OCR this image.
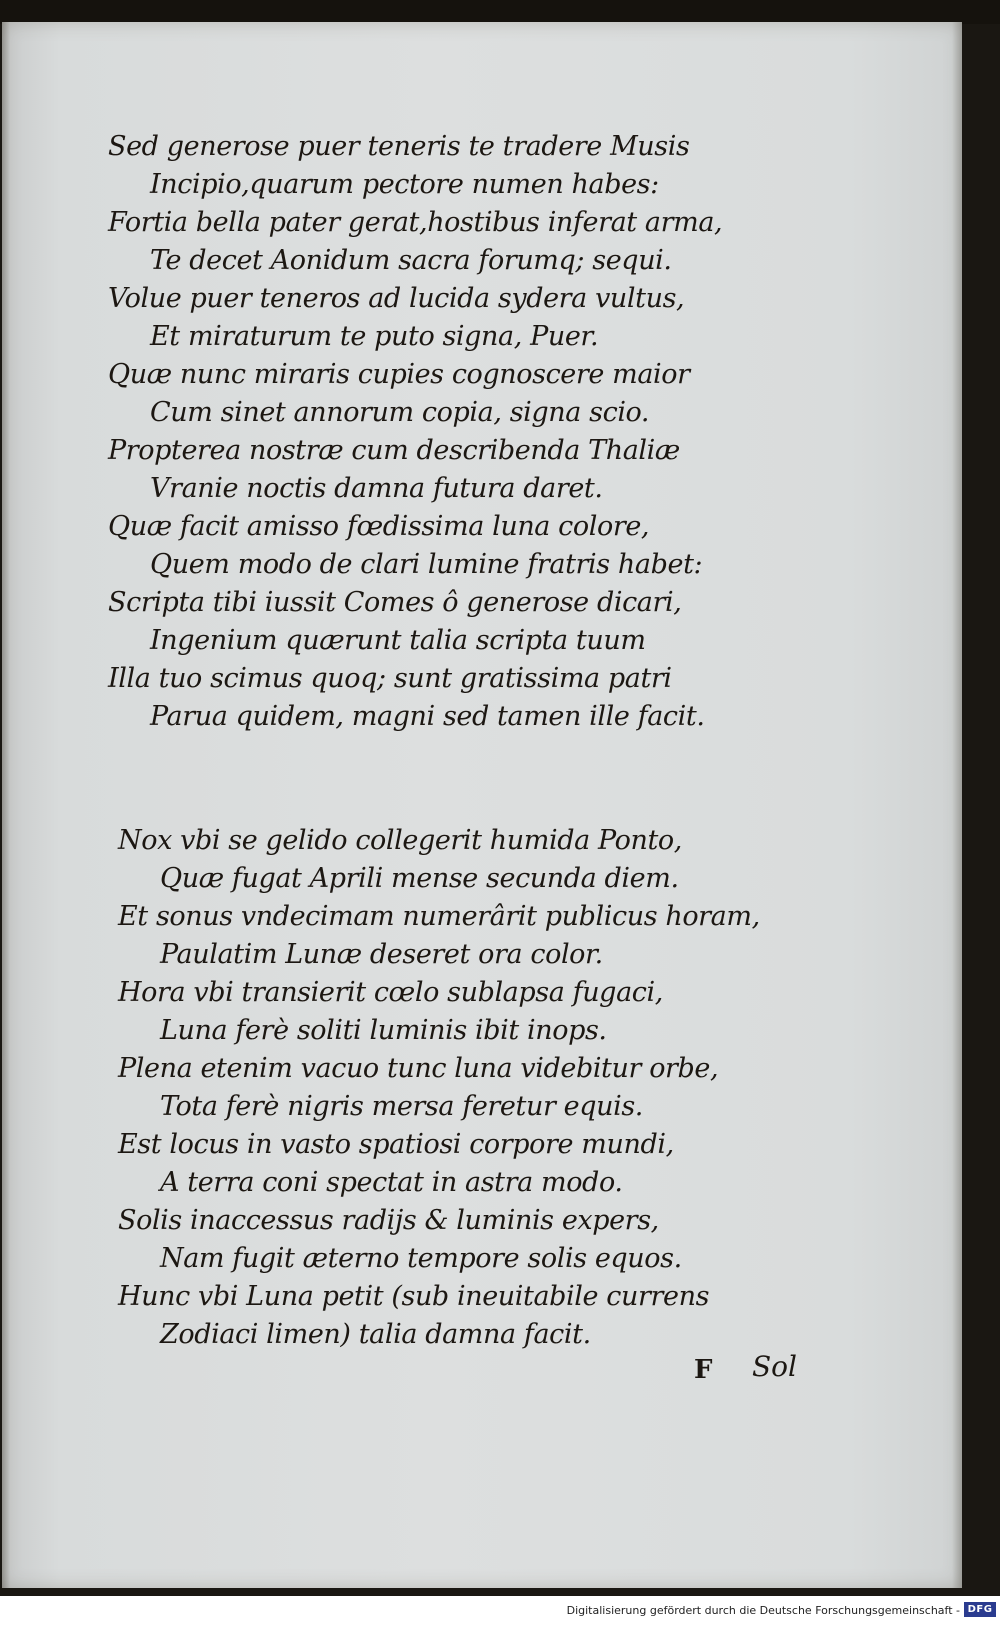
Sed generose puer teneris te tradere Musis
Incipio,quarum pectore numen habes:
Fortia bella pater gerat,hostibus inferat arma,
Te decet Aonidum sacra forumq; sequi.
Volue puer teneros ad lucida sydera vultus,
Et miraturum te puto signa, Puer.
Quæ nunc miraris cupies cognoscere maior
Cum sinet annorum copia, signa scio.
Propterea nostræ cum describenda Thaliæ
Vranie noctis damna futura daret.
Quæ facit amisso fœdissima luna colore,
Quem modo de clari lumine fratris habet:
Scripta tibi iussit Comes ô generose dicari,
Ingenium quærunt talia scripta tuum
Illa tuo scimus quoq; sunt gratissima patri
Parua quidem, magni sed tamen ille facit.
Nox vbi se gelido collegerit humida Ponto,
Quæ fugat Aprili mense secunda diem.
Et sonus vndecimam numerârit publicus horam,
Paulatim Lunæ deseret ora color.
Hora vbi transierit cœlo sublapsa fugaci,
Luna ferè soliti luminis ibit inops.
Plena etenim vacuo tunc luna videbitur orbe,
Tota ferè nigris mersa feretur equis.
Est locus in vasto spatiosi corpore mundi,
A terra coni spectat in astra modo.
Solis inaccessus radijs & luminis expers,
Nam fugit æterno tempore solis equos.
Hunc vbi Luna petit (sub ineuitabile currens
Zodiaci limen) talia damna facit.
F Sol
Digitalisierung gefördert durch die Deutsche Forschungsgemeinschaft - DFG
